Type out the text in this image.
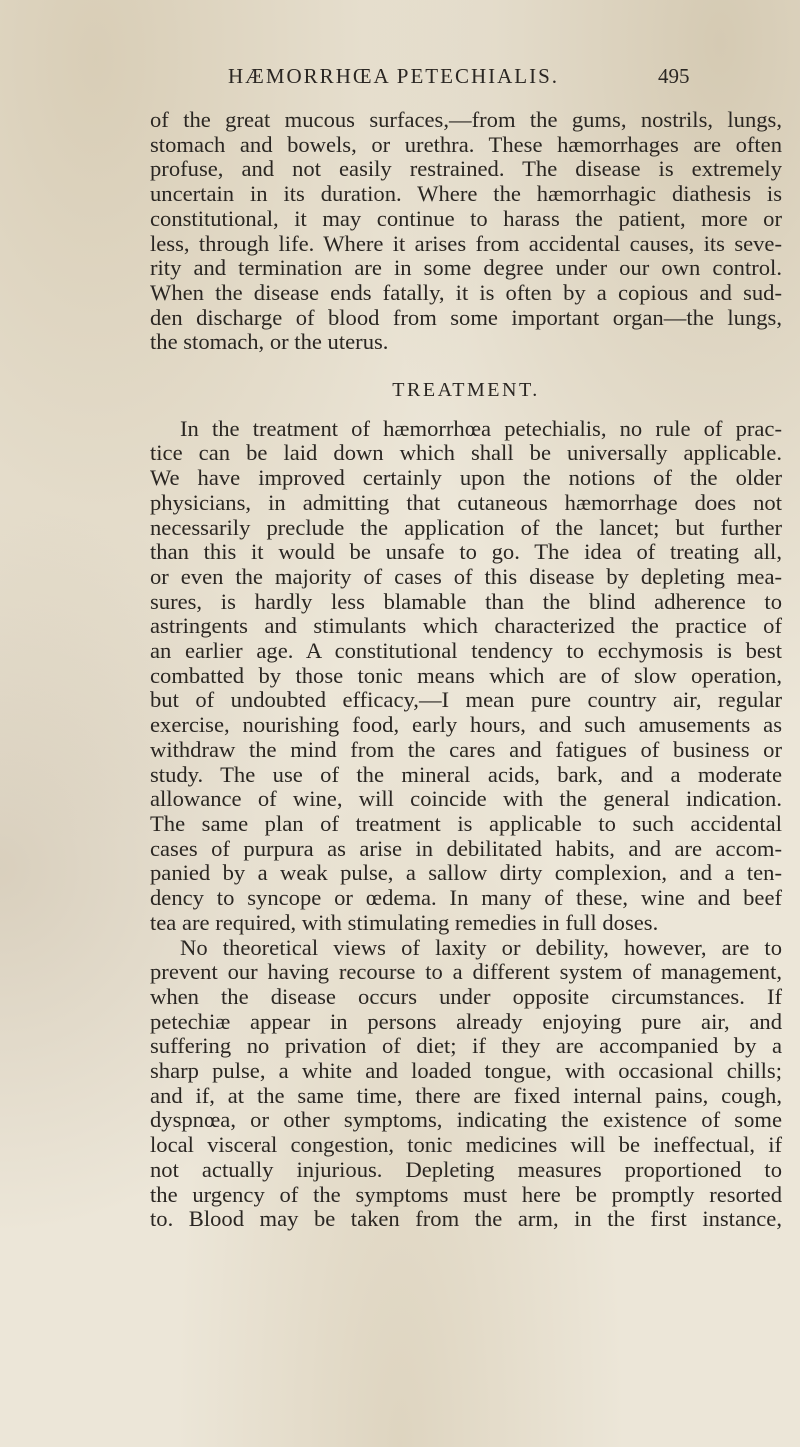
HÆMORRHŒA PETECHIALIS.	495
of the great mucous surfaces,—from the gums, nostrils, lungs,
stomach and bowels, or urethra. These hæmorrhages are often
profuse, and not easily restrained. The disease is extremely
uncertain in its duration. Where the hæmorrhagic diathesis is
constitutional, it may continue to harass the patient, more or
less, through life. Where it arises from accidental causes, its seve-
rity and termination are in some degree under our own control.
When the disease ends fatally, it is often by a copious and sud-
den discharge of blood from some important organ—the lungs,
the stomach, or the uterus.
TREATMENT.
In the treatment of hæmorrhœa petechialis, no rule of prac-
tice can be laid down which shall be universally applicable.
We have improved certainly upon the notions of the older
physicians, in admitting that cutaneous hæmorrhage does not
necessarily preclude the application of the lancet; but further
than this it would be unsafe to go. The idea of treating all,
or even the majority of cases of this disease by depleting mea-
sures, is hardly less blamable than the blind adherence to
astringents and stimulants which characterized the practice of
an earlier age. A constitutional tendency to ecchymosis is best
combatted by those tonic means which are of slow operation,
but of undoubted efficacy,—I mean pure country air, regular
exercise, nourishing food, early hours, and such amusements as
withdraw the mind from the cares and fatigues of business or
study. The use of the mineral acids, bark, and a moderate
allowance of wine, will coincide with the general indication.
The same plan of treatment is applicable to such accidental
cases of purpura as arise in debilitated habits, and are accom-
panied by a weak pulse, a sallow dirty complexion, and a ten-
dency to syncope or œdema. In many of these, wine and beef
tea are required, with stimulating remedies in full doses.
No theoretical views of laxity or debility, however, are to
prevent our having recourse to a different system of management,
when the disease occurs under opposite circumstances. If
petechiæ appear in persons already enjoying pure air, and
suffering no privation of diet; if they are accompanied by a
sharp pulse, a white and loaded tongue, with occasional chills;
and if, at the same time, there are fixed internal pains, cough,
dyspnœa, or other symptoms, indicating the existence of some
local visceral congestion, tonic medicines will be ineffectual, if
not actually injurious. Depleting measures proportioned to
the urgency of the symptoms must here be promptly resorted
to. Blood may be taken from the arm, in the first instance,
